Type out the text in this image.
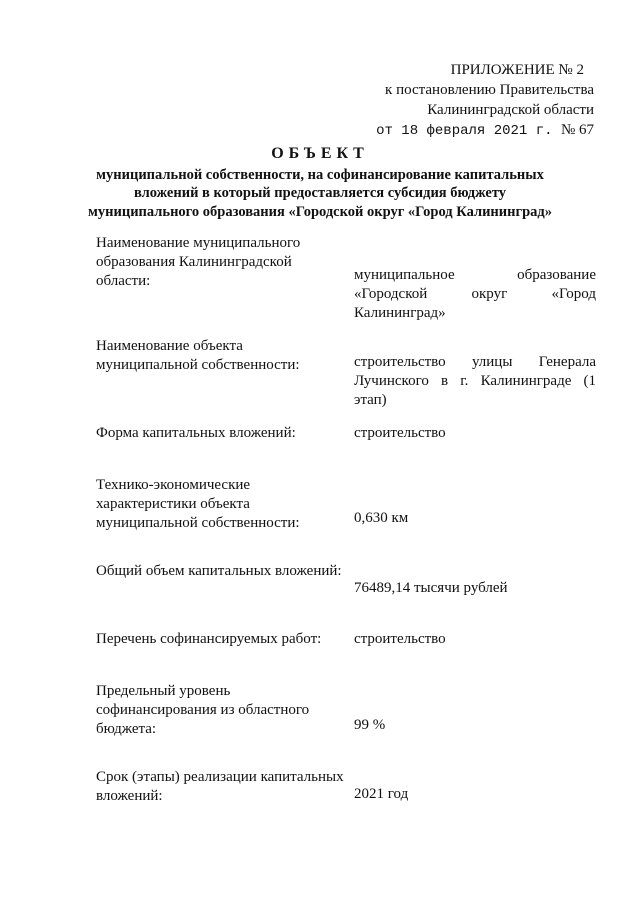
ПРИЛОЖЕНИЕ № 2
к постановлению Правительства
Калининградской области
от 18 февраля 2021 г. № 67
ОБЪЕКТ
муниципальной собственности, на софинансирование капитальных
вложений в который предоставляется субсидия бюджету
муниципального образования «Городской округ «Город Калининград»
Наименование муниципального образования Калининградской области:	муниципальное образование «Городской округ «Город Калининград»
Наименование объекта муниципальной собственности:	строительство улицы Генерала Лучинского в г. Калининграде (1 этап)
Форма капитальных вложений:	строительство
Технико-экономические характеристики объекта муниципальной собственности:	0,630 км
Общий объем капитальных вложений:
76489,14 тысячи рублей
Перечень софинансируемых работ:	строительство
Предельный уровень софинансирования из областного бюджета:	99 %
Срок (этапы) реализации капитальных вложений:	2021 год
